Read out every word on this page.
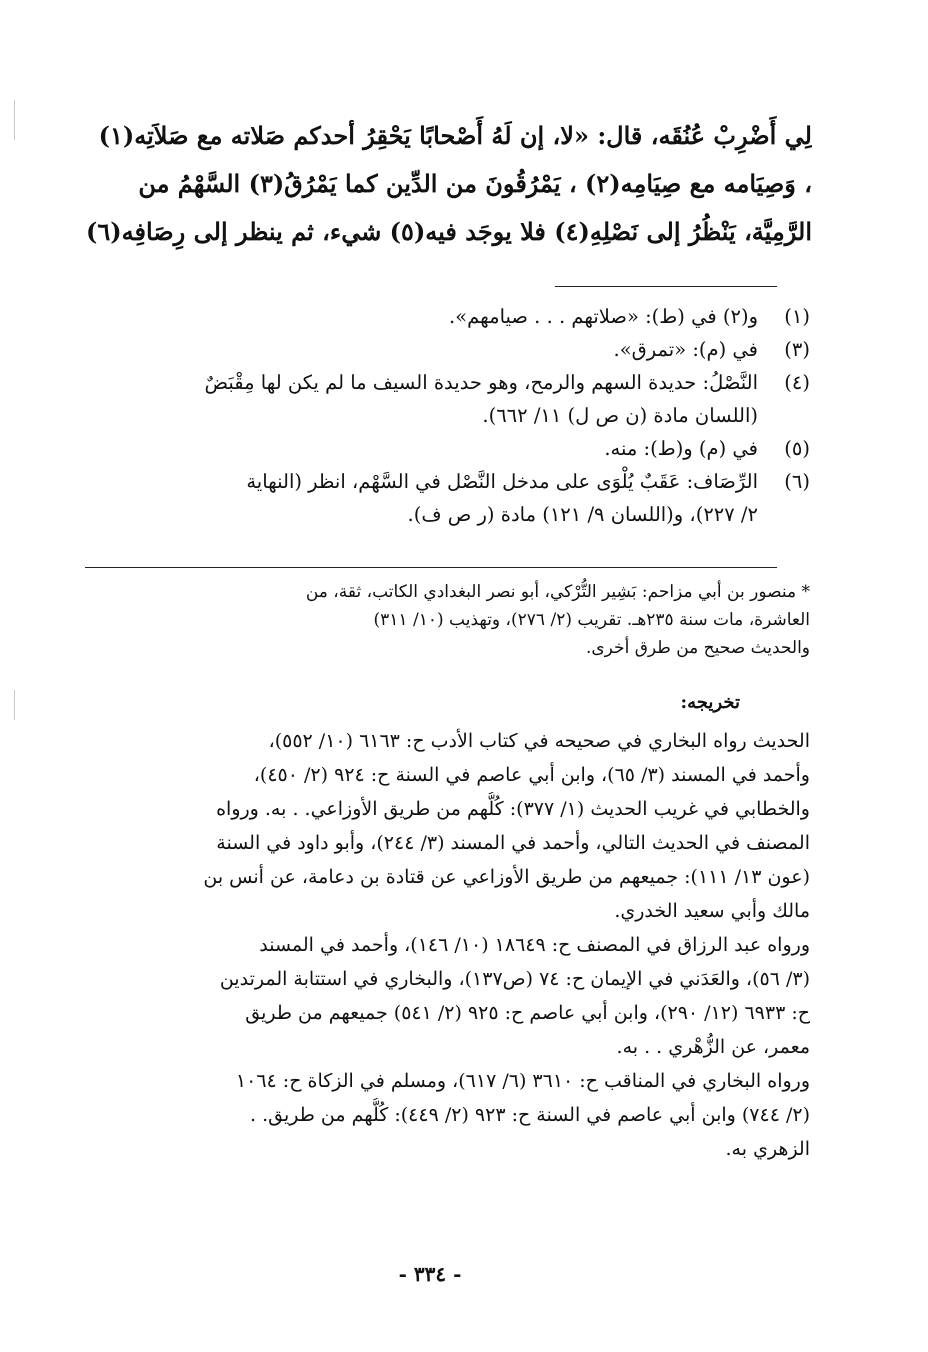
لِي أَضْرِبْ عُنُقَه، قال: «لا، إن لَهُ أَصْحابًا يَحْقِرُ أحدكم صَلاته مع صَلاَتِه(١)
، وَصِيَامه مع صِيَامِه(٢) ، يَمْرُقُونَ من الدِّين كما يَمْرُقُ(٣) السَّهْمُ من
الرَّمِيَّة، يَنْظُرُ إلى نَصْلِهِ(٤) فلا يوجَد فيه(٥) شيء، ثم ينظر إلى رِصَافِه(٦)
(١)
و(٢) في (ط): «صلاتهم . . . صيامهم».
(٣)
في (م): «تمرق».
(٤)
النَّصْلُ: حديدة السهم والرمح، وهو حديدة السيف ما لم يكن لها مِقْبَضٌ
(اللسان مادة (ن ص ل) ١١/ ٦٦٢).
(٥)
في (م) و(ط): منه.
(٦)
الرِّصَاف: عَقَبٌ يُلْوَى على مدخل النَّصْل في السَّهْم، انظر (النهاية
٢/ ٢٢٧)، و(اللسان ٩/ ١٢١) مادة (ر ص ف).
* منصور بن أبي مزاحم: بَشِير التُّرْكي، أبو نصر البغدادي الكاتب، ثقة، من
العاشرة، مات سنة ٢٣٥هـ. تقريب (٢/ ٢٧٦)، وتهذيب (١٠/ ٣١١)
والحديث صحيح من طرق أخرى.
تخريجه:
الحديث رواه البخاري في صحيحه في كتاب الأدب ح: ٦١٦٣ (١٠/ ٥٥٢)،
وأحمد في المسند (٣/ ٦٥)، وابن أبي عاصم في السنة ح: ٩٢٤ (٢/ ٤٥٠)،
والخطابي في غريب الحديث (١/ ٣٧٧): كُلُّهم من طريق الأوزاعي. . به. ورواه
المصنف في الحديث التالي، وأحمد في المسند (٣/ ٢٤٤)، وأبو داود في السنة
(عون ١٣/ ١١١): جميعهم من طريق الأوزاعي عن قتادة بن دعامة، عن أنس بن
مالك وأبي سعيد الخدري.
ورواه عبد الرزاق في المصنف ح: ١٨٦٤٩ (١٠/ ١٤٦)، وأحمد في المسند
(٣/ ٥٦)، والعَدَني في الإيمان ح: ٧٤ (ص١٣٧)، والبخاري في استتابة المرتدين
ح: ٦٩٣٣ (١٢/ ٢٩٠)، وابن أبي عاصم ح: ٩٢٥ (٢/ ٥٤١) جميعهم من طريق
معمر، عن الزُّهْري . . به.
ورواه البخاري في المناقب ح: ٣٦١٠ (٦/ ٦١٧)، ومسلم في الزكاة ح: ١٠٦٤
(٢/ ٧٤٤) وابن أبي عاصم في السنة ح: ٩٢٣ (٢/ ٤٤٩): كُلُّهم من طريق. .
الزهري به.
- ٣٣٤ -
